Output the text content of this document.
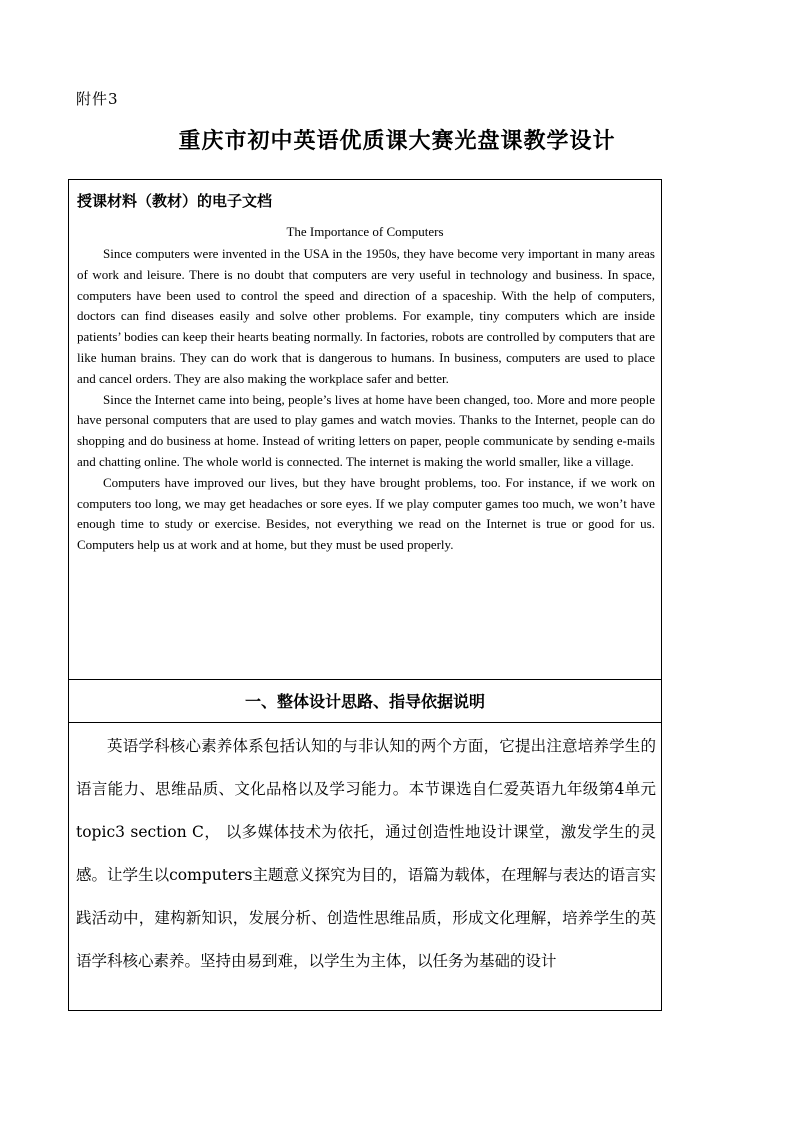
附件3
重庆市初中英语优质课大赛光盘课教学设计
授课材料（教材）的电子文档
The Importance of Computers

Since computers were invented in the USA in the 1950s, they have become very important in many areas of work and leisure. There is no doubt that computers are very useful in technology and business. In space, computers have been used to control the speed and direction of a spaceship. With the help of computers, doctors can find diseases easily and solve other problems. For example, tiny computers which are inside patients’ bodies can keep their hearts beating normally. In factories, robots are controlled by computers that are like human brains. They can do work that is dangerous to humans. In business, computers are used to place and cancel orders. They are also making the workplace safer and better.

Since the Internet came into being, people’s lives at home have been changed, too. More and more people have personal computers that are used to play games and watch movies. Thanks to the Internet, people can do shopping and do business at home. Instead of writing letters on paper, people communicate by sending e-mails and chatting online. The whole world is connected. The internet is making the world smaller, like a village.

Computers have improved our lives, but they have brought problems, too. For instance, if we work on computers too long, we may get headaches or sore eyes. If we play computer games too much, we won’t have enough time to study or exercise. Besides, not everything we read on the Internet is true or good for us. Computers help us at work and at home, but they must be used properly.

一、整体设计思路、指导依据说明

英语学科核心素养体系包括认知的与非认知的两个方面，它提出注意培养学生的语言能力、思维品质、文化品格以及学习能力。本节课选自仁爱英语九年级第4单元topic3 section C， 以多媒体技术为依托，通过创造性地设计课堂，激发学生的灵感。让学生以computers主题意义探究为目的，语篇为载体，在理解与表达的语言实践活动中，建构新知识，发展分析、创造性思维品质，形成文化理解，培养学生的英语学科核心素养。坚持由易到难，以学生为主体，以任务为基础的设计
